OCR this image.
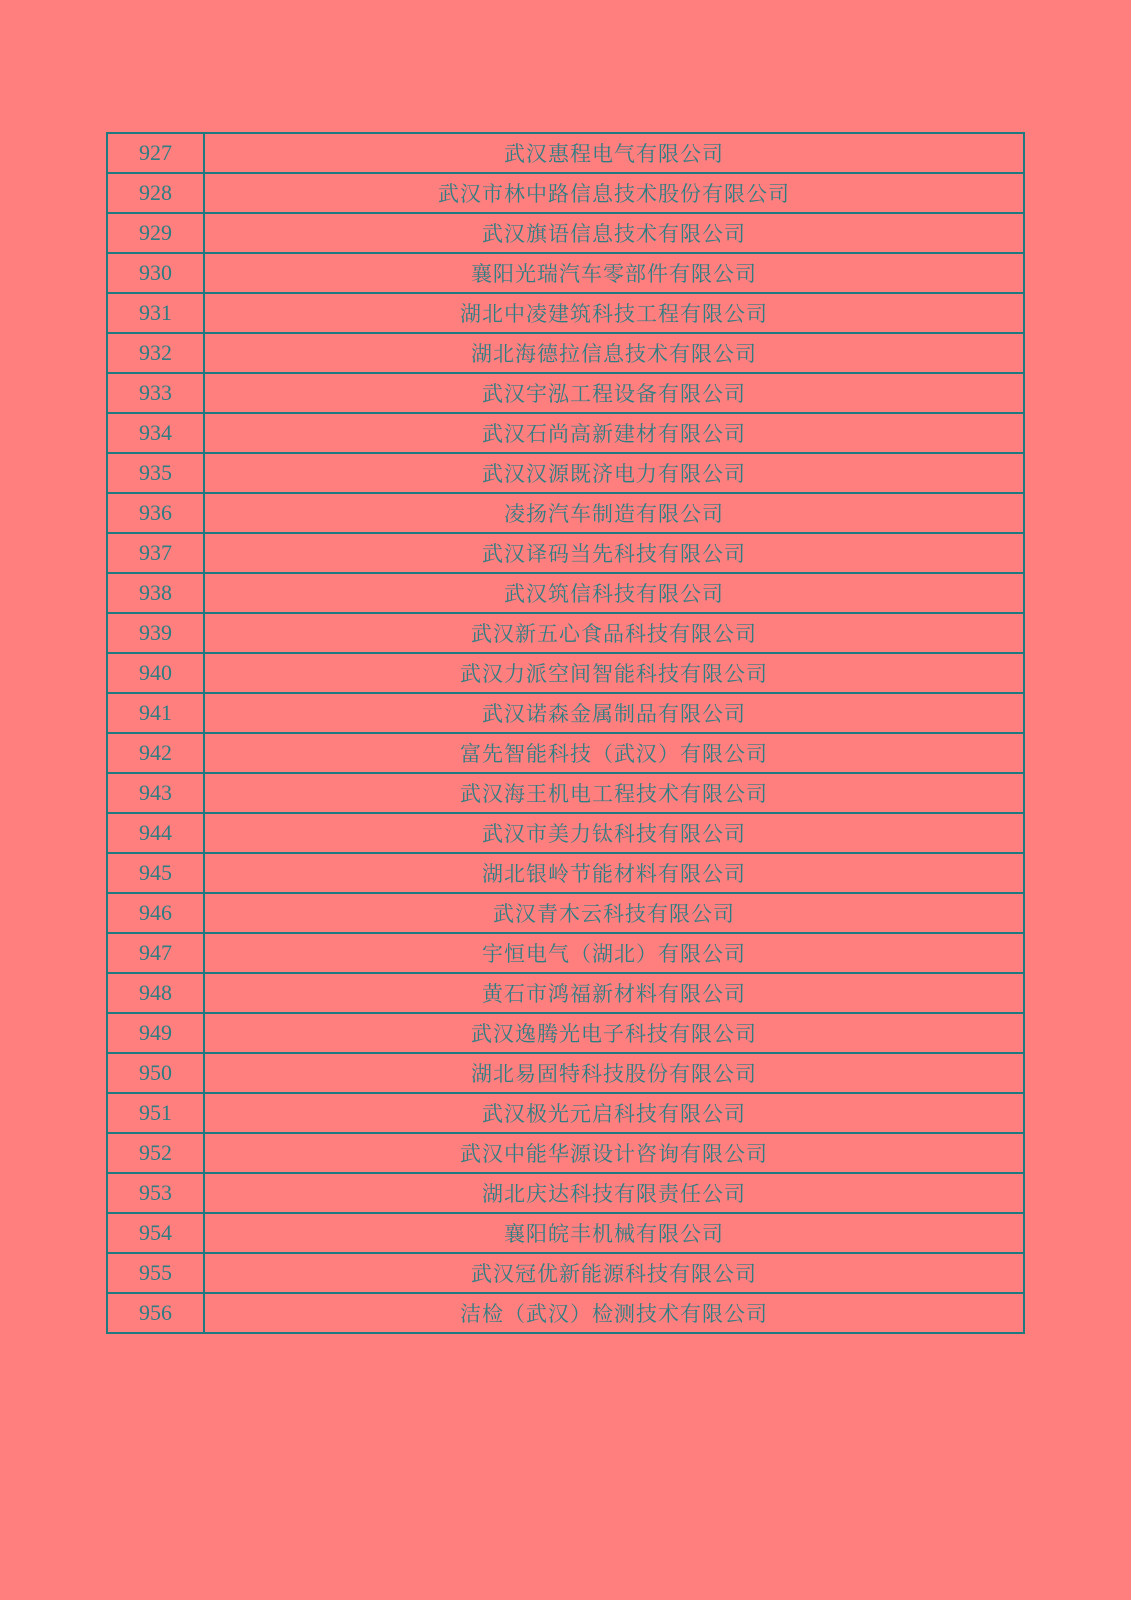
927	武汉惠程电气有限公司
928	武汉市林中路信息技术股份有限公司
929	武汉旗语信息技术有限公司
930	襄阳光瑞汽车零部件有限公司
931	湖北中凌建筑科技工程有限公司
932	湖北海德拉信息技术有限公司
933	武汉宇泓工程设备有限公司
934	武汉石尚高新建材有限公司
935	武汉汉源既济电力有限公司
936	凌扬汽车制造有限公司
937	武汉译码当先科技有限公司
938	武汉筑信科技有限公司
939	武汉新五心食品科技有限公司
940	武汉力派空间智能科技有限公司
941	武汉诺森金属制品有限公司
942	富先智能科技（武汉）有限公司
943	武汉海王机电工程技术有限公司
944	武汉市美力钛科技有限公司
945	湖北银岭节能材料有限公司
946	武汉青木云科技有限公司
947	宇恒电气（湖北）有限公司
948	黄石市鸿福新材料有限公司
949	武汉逸腾光电子科技有限公司
950	湖北易固特科技股份有限公司
951	武汉极光元启科技有限公司
952	武汉中能华源设计咨询有限公司
953	湖北庆达科技有限责任公司
954	襄阳皖丰机械有限公司
955	武汉冠优新能源科技有限公司
956	洁检（武汉）检测技术有限公司
